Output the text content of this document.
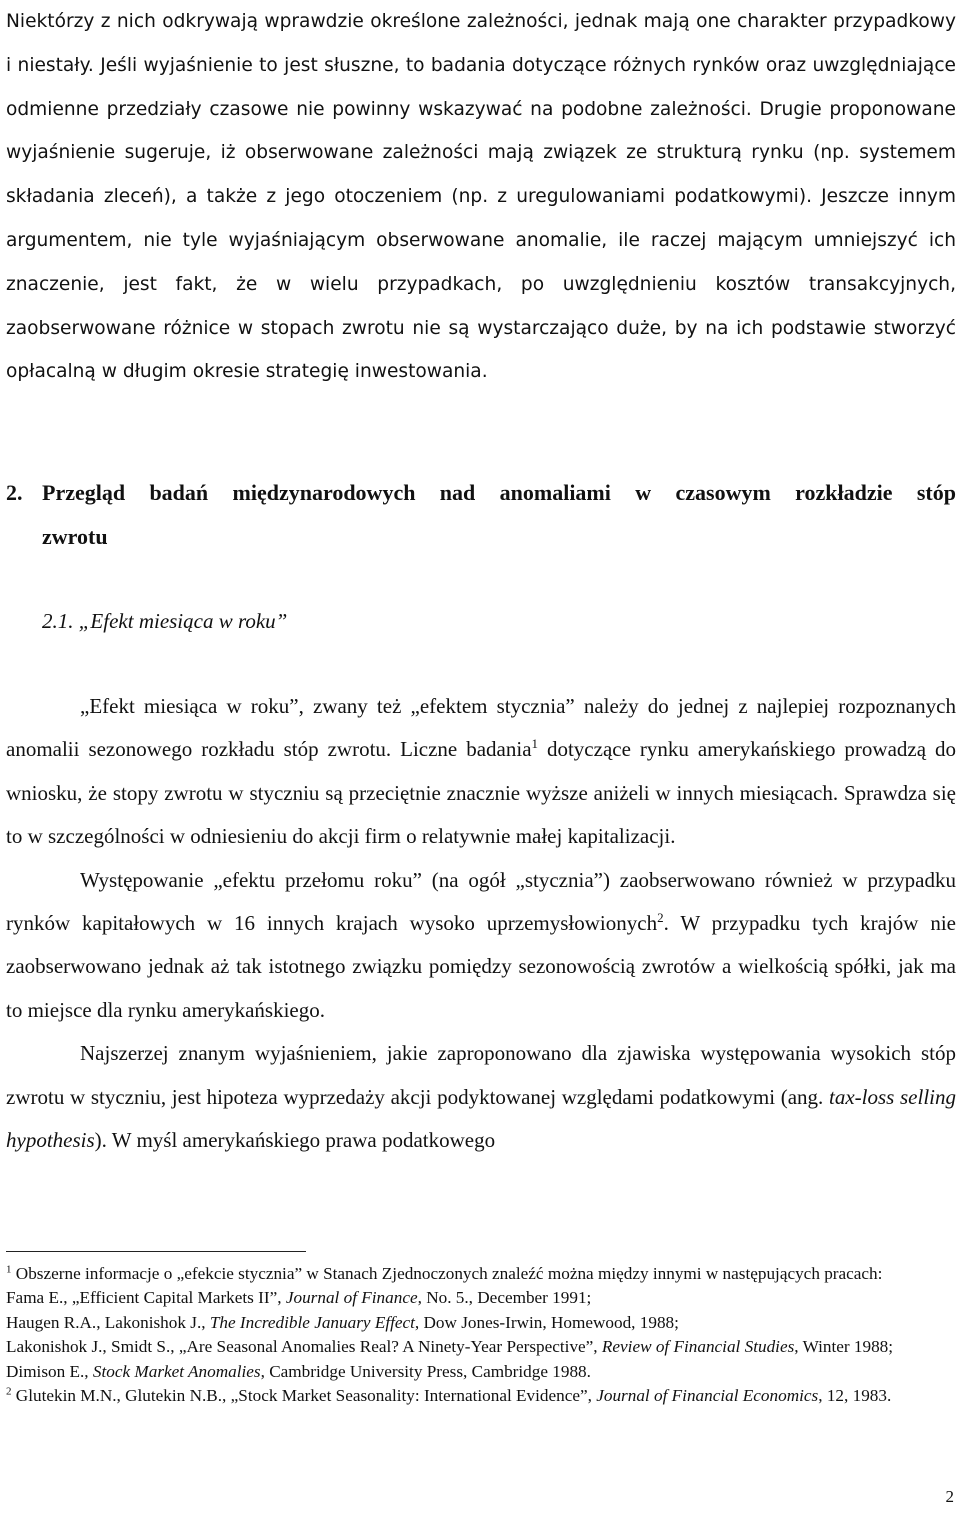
Niektórzy z nich odkrywają wprawdzie określone zależności, jednak mają one charakter przypadkowy i niestały. Jeśli wyjaśnienie to jest słuszne, to badania dotyczące różnych rynków oraz uwzględniające odmienne przedziały czasowe nie powinny wskazywać na podobne zależności. Drugie proponowane wyjaśnienie sugeruje, iż obserwowane zależności mają związek ze strukturą rynku (np. systemem składania zleceń), a także z jego otoczeniem (np. z uregulowaniami podatkowymi). Jeszcze innym argumentem, nie tyle wyjaśniającym obserwowane anomalie, ile raczej mającym umniejszyć ich znaczenie, jest fakt, że w wielu przypadkach, po uwzględnieniu kosztów transakcyjnych, zaobserwowane różnice w stopach zwrotu nie są wystarczająco duże, by na ich podstawie stworzyć opłacalną w długim okresie strategię inwestowania.

2. Przegląd badań międzynarodowych nad anomaliami w czasowym rozkładzie stóp
zwrotu
2.1. „Efekt miesiąca w roku”

„Efekt miesiąca w roku”, zwany też „efektem stycznia” należy do jednej z najlepiej rozpoznanych anomalii sezonowego rozkładu stóp zwrotu. Liczne badania$^1$ dotyczące rynku amerykańskiego prowadzą do wniosku, że stopy zwrotu w styczniu są przeciętnie znacznie wyższe aniżeli w innych miesiącach. Sprawdza się to w szczególności w odniesieniu do akcji firm o relatywnie małej kapitalizacji.

Występowanie „efektu przełomu roku” (na ogół „stycznia”) zaobserwowano również w przypadku rynków kapitałowych w 16 innych krajach wysoko uprzemysłowionych$^2$. W przypadku tych krajów nie zaobserwowano jednak aż tak istotnego związku pomiędzy sezonowością zwrotów a wielkością spółki, jak ma to miejsce dla rynku amerykańskiego.

Najszerzej znanym wyjaśnieniem, jakie zaproponowano dla zjawiska występowania wysokich stóp zwrotu w styczniu, jest hipoteza wyprzedaży akcji podyktowanej względami podatkowymi (ang. tax-loss selling hypothesis). W myśl amerykańskiego prawa podatkowego

$^1$ Obszerne informacje o „efekcie stycznia” w Stanach Zjednoczonych znaleźć można między innymi w następujących pracach:

Fama E., „Efficient Capital Markets II”, Journal of Finance, No. 5., December 1991;

Haugen R.A., Lakonishok J., The Incredible January Effect, Dow Jones-Irwin, Homewood, 1988;

Lakonishok J., Smidt S., „Are Seasonal Anomalies Real? A Ninety-Year Perspective”, Review of Financial Studies, Winter 1988;

Dimison E., Stock Market Anomalies, Cambridge University Press, Cambridge 1988.

$^2$ Glutekin M.N., Glutekin N.B., „Stock Market Seasonality: International Evidence”, Journal of Financial Economics, 12, 1983.

2
